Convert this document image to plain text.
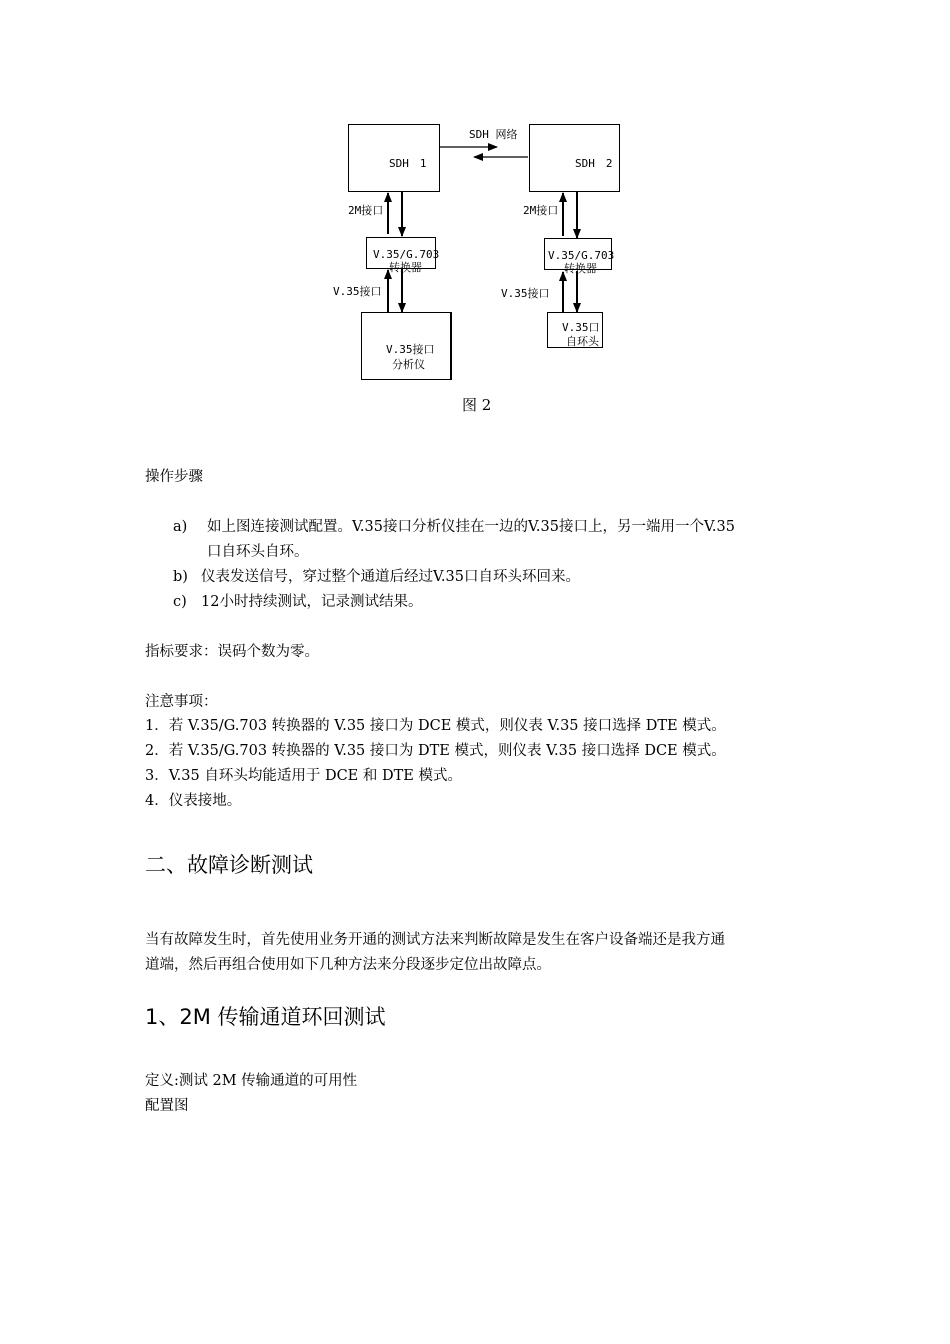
SDH　1	SDH　2
SDH 网络
2M接口	2M接口
V.35/G.703
转换器
V.35/G.703
转换器
V.35接口	V.35接口
V.35接口
分析仪
V.35口
自环头
图 2
操作步骤
a) 如上图连接测试配置。V.35接口分析仪挂在一边的V.35接口上，另一端用一个V.35
口自环头自环。
b) 仪表发送信号，穿过整个通道后经过V.35口自环头环回来。
c) 12小时持续测试，记录测试结果。
指标要求：误码个数为零。
注意事项：
1．若 V.35/G.703 转换器的 V.35 接口为 DCE 模式，则仪表 V.35 接口选择 DTE 模式。
2．若 V.35/G.703 转换器的 V.35 接口为 DTE 模式，则仪表 V.35 接口选择 DCE 模式。
3．V.35 自环头均能适用于 DCE 和 DTE 模式。
4．仪表接地。
二、故障诊断测试
当有故障发生时，首先使用业务开通的测试方法来判断故障是发生在客户设备端还是我方通
道端，然后再组合使用如下几种方法来分段逐步定位出故障点。
1、2M 传输通道环回测试
定义:测试 2M 传输通道的可用性
配置图
